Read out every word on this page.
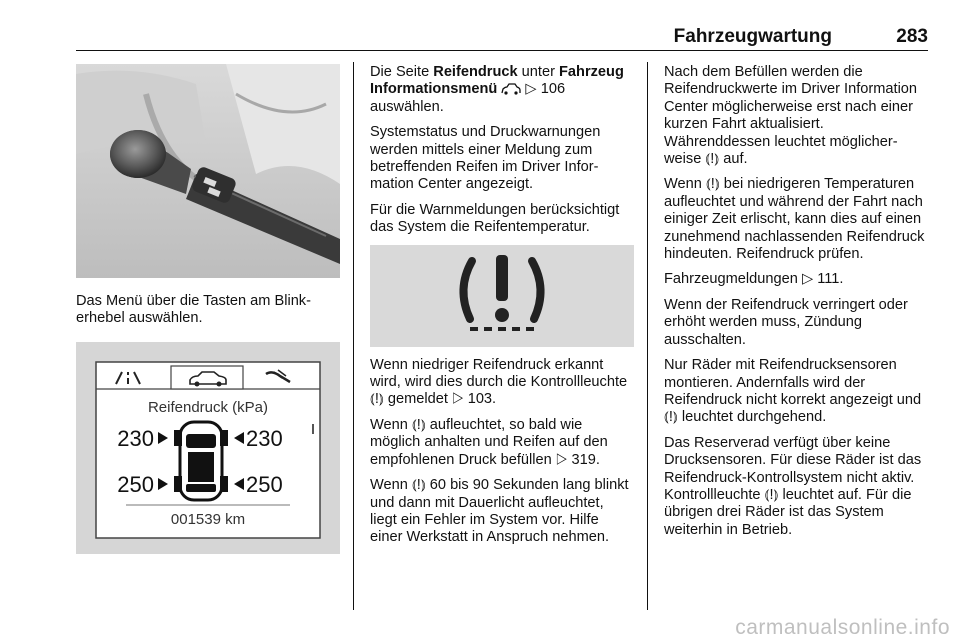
Fahrzeugwartung	283

Das Menü über die Tasten am Blinkerhebel auswählen.

Reifendruck (kPa)
230	230
250	250
001539 km

Die Seite Reifendruck unter Fahrzeug Informationsmenü ▷ 106
auswählen.

Systemstatus und Druckwarnungen werden mittels einer Meldung zum betreffenden Reifen im Driver Information Center angezeigt.

Für die Warnmeldungen berücksichtigt das System die Reifentemperatur.

Wenn niedriger Reifendruck erkannt wird, wird dies durch die Kontrollleuchte ⦅!⦆ gemeldet ▷ 103.

Wenn ⦅!⦆ aufleuchtet, so bald wie möglich anhalten und Reifen auf den empfohlenen Druck befüllen ▷ 319.

Wenn ⦅!⦆ 60 bis 90 Sekunden lang blinkt und dann mit Dauerlicht aufleuchtet, liegt ein Fehler im System vor. Hilfe einer Werkstatt in Anspruch nehmen.

Nach dem Befüllen werden die Reifendruckwerte im Driver Information Center möglicherweise erst nach einer kurzen Fahrt aktualisiert. Währenddessen leuchtet möglicherweise ⦅!⦆ auf.

Wenn ⦅!⦆ bei niedrigeren Temperaturen aufleuchtet und während der Fahrt nach einiger Zeit erlischt, kann dies auf einen zunehmend nachlassenden Reifendruck hindeuten. Reifendruck prüfen.

Fahrzeugmeldungen ▷ 111.

Wenn der Reifendruck verringert oder erhöht werden muss, Zündung ausschalten.

Nur Räder mit Reifendrucksensoren montieren. Andernfalls wird der Reifendruck nicht korrekt angezeigt und ⦅!⦆ leuchtet durchgehend.

Das Reserverad verfügt über keine Drucksensoren. Für diese Räder ist das Reifendruck-Kontrollsystem nicht aktiv. Kontrollleuchte ⦅!⦆ leuchtet auf. Für die übrigen drei Räder ist das System weiterhin in Betrieb.

carmanualsonline.info
